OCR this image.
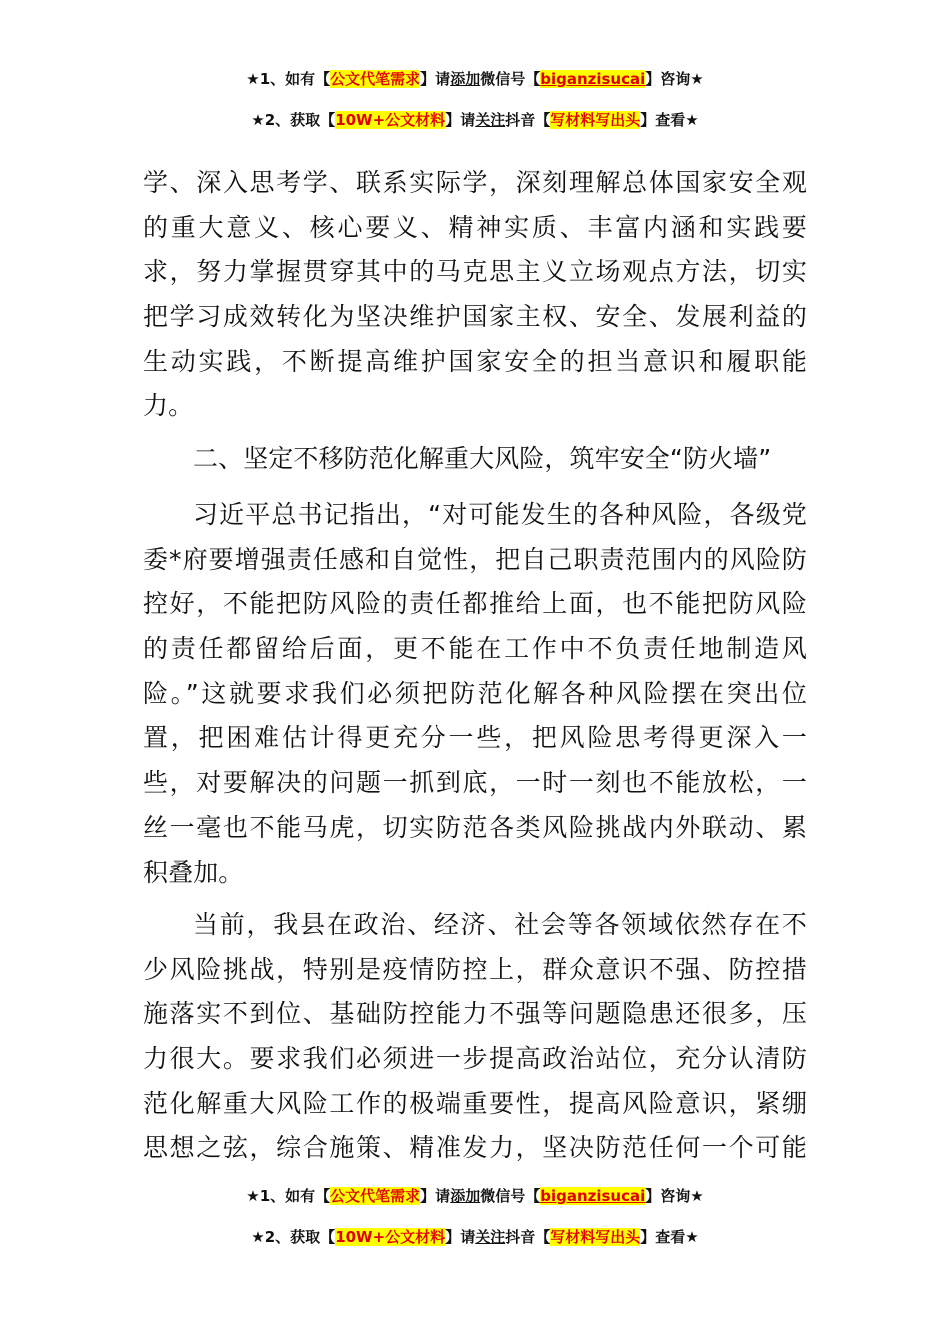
★1、如有【公文代笔需求】请添加微信号【biganzisucai】咨询★
★2、获取【10W+公文材料】请关注抖音【写材料写出头】查看★
学、深入思考学、联系实际学，深刻理解总体国家安全观
的重大意义、核心要义、精神实质、丰富内涵和实践要
求，努力掌握贯穿其中的马克思主义立场观点方法，切实
把学习成效转化为坚决维护国家主权、安全、发展利益的
生动实践，不断提高维护国家安全的担当意识和履职能
力。
二、坚定不移防范化解重大风险，筑牢安全“防火墙”
习近平总书记指出，“对可能发生的各种风险，各级党
委*府要增强责任感和自觉性，把自己职责范围内的风险防
控好，不能把防风险的责任都推给上面，也不能把防风险
的责任都留给后面，更不能在工作中不负责任地制造风
险。”这就要求我们必须把防范化解各种风险摆在突出位
置，把困难估计得更充分一些，把风险思考得更深入一
些，对要解决的问题一抓到底，一时一刻也不能放松，一
丝一毫也不能马虎，切实防范各类风险挑战内外联动、累
积叠加。
当前，我县在政治、经济、社会等各领域依然存在不
少风险挑战，特别是疫情防控上，群众意识不强、防控措
施落实不到位、基础防控能力不强等问题隐患还很多，压
力很大。要求我们必须进一步提高政治站位，充分认清防
范化解重大风险工作的极端重要性，提高风险意识，紧绷
思想之弦，综合施策、精准发力，坚决防范任何一个可能
★1、如有【公文代笔需求】请添加微信号【biganzisucai】咨询★
★2、获取【10W+公文材料】请关注抖音【写材料写出头】查看★
